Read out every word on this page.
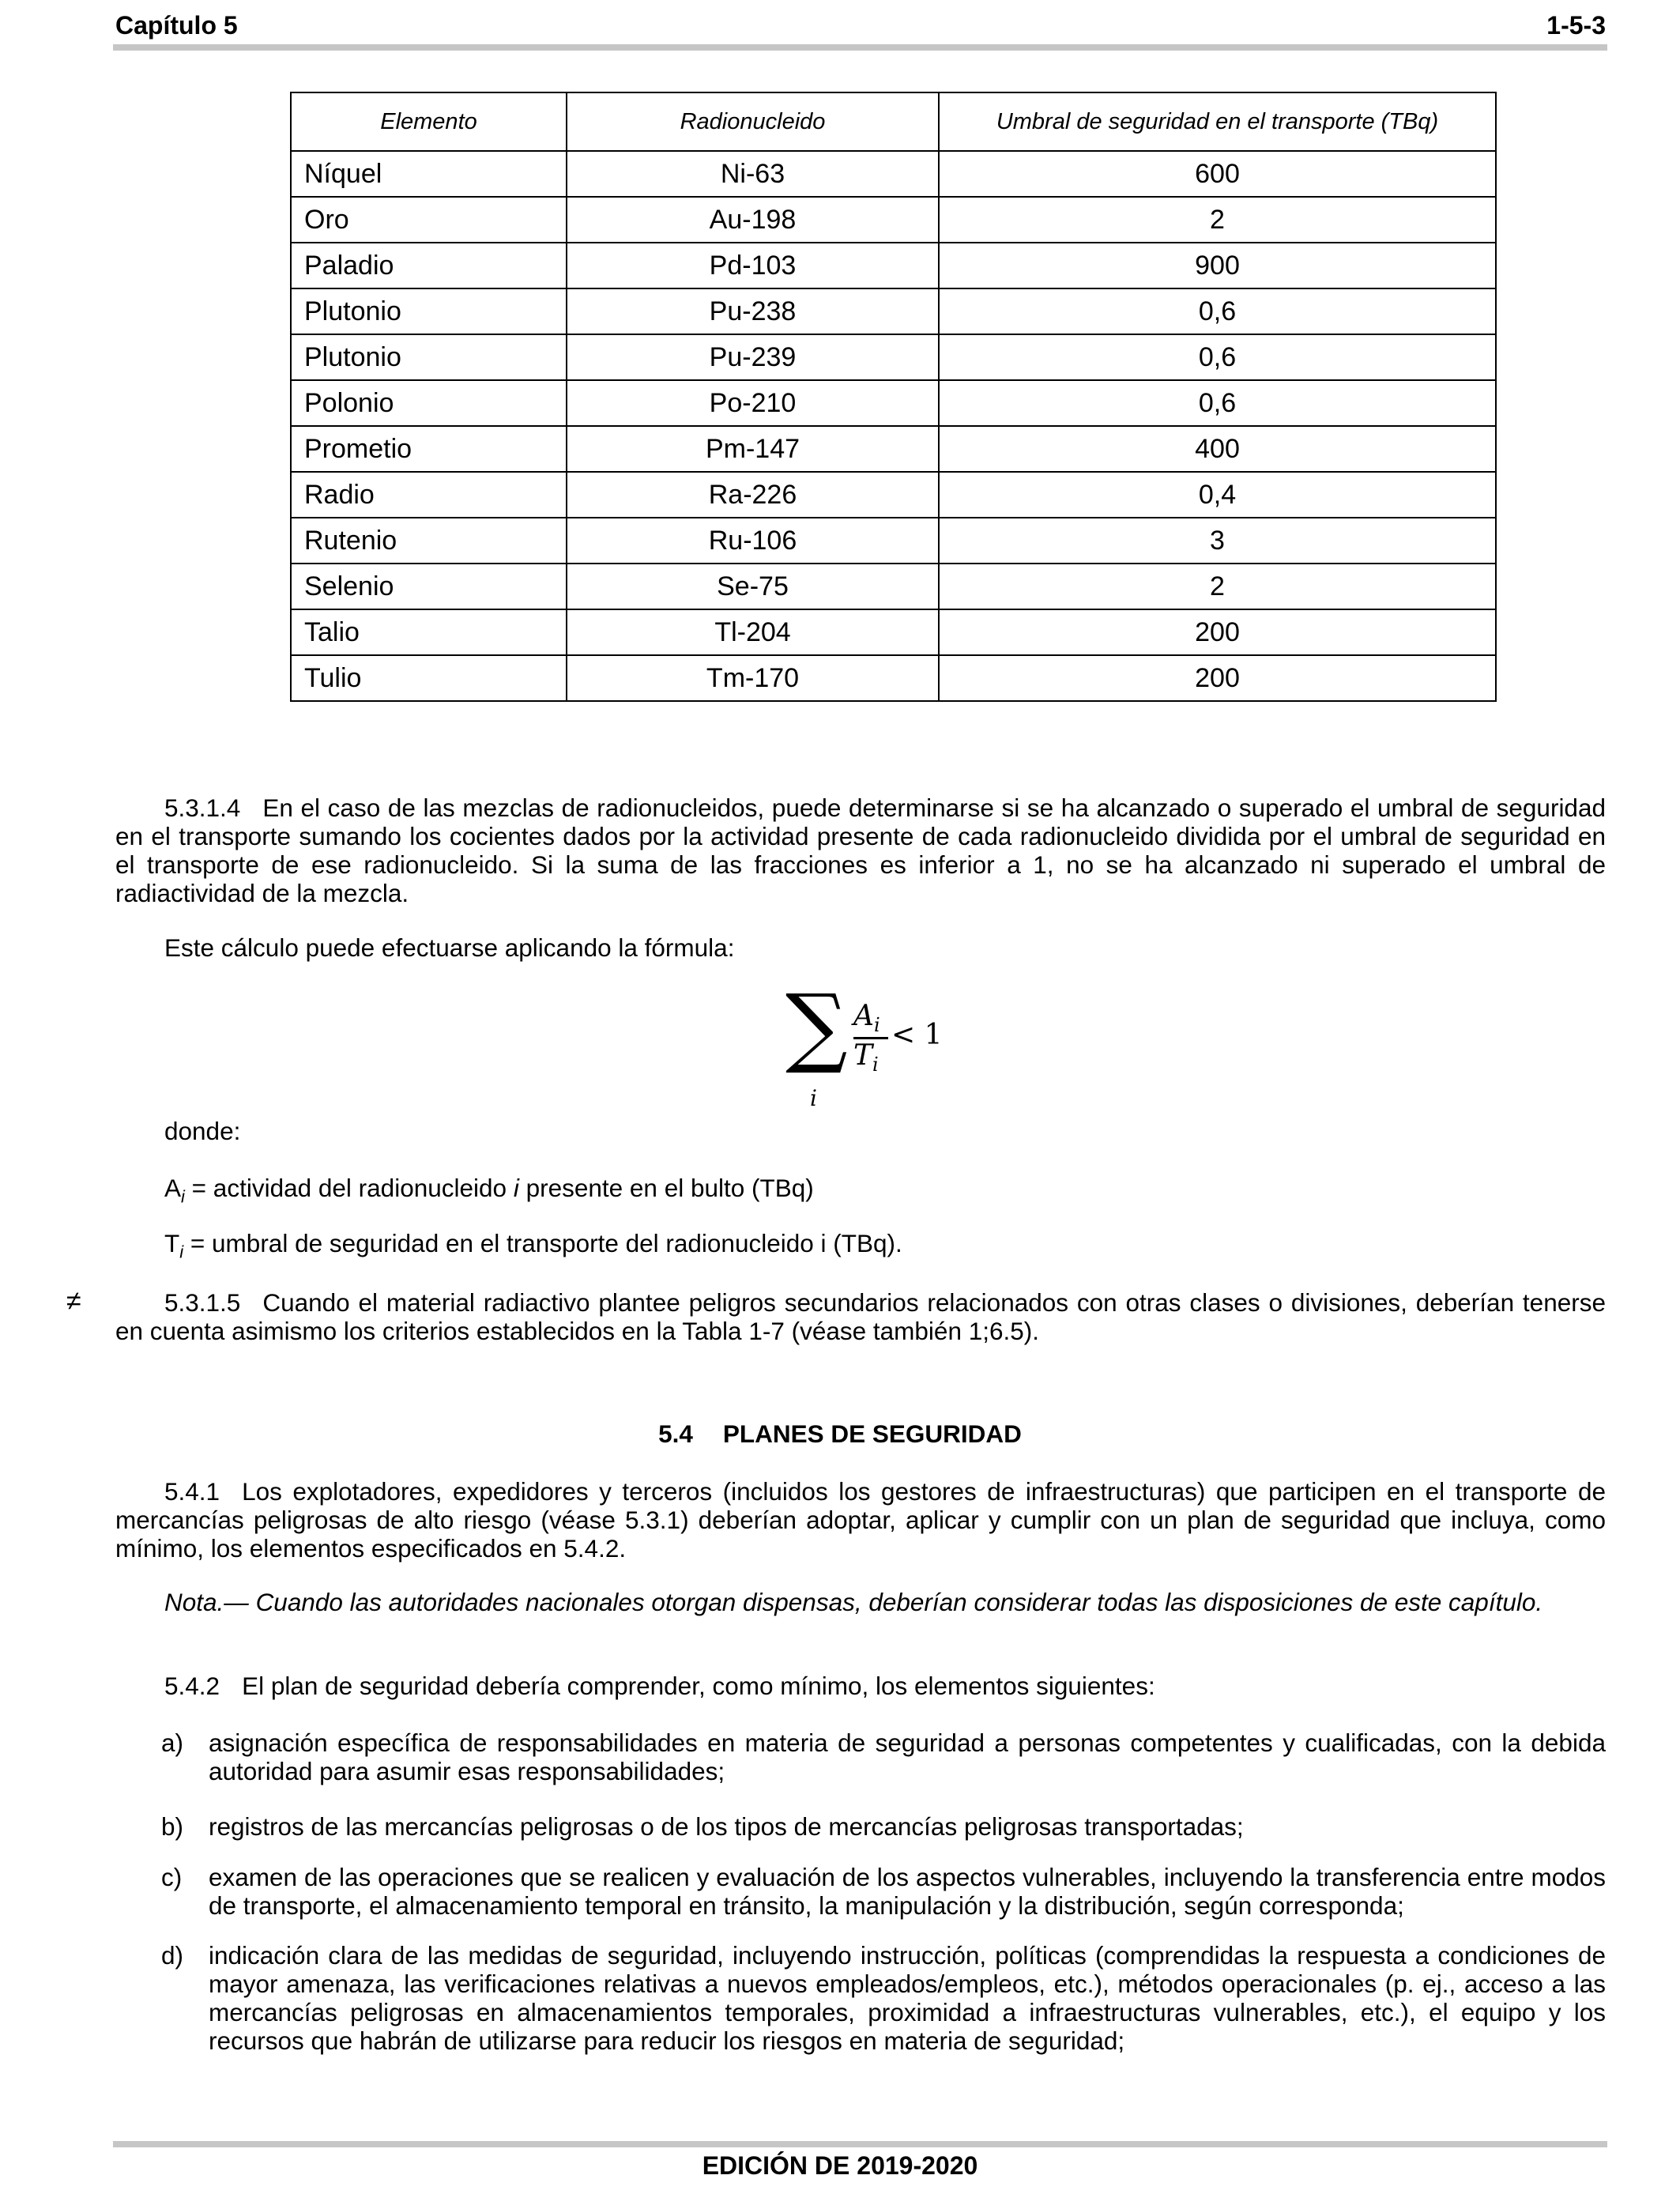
Capítulo 5	1-5-3
Elemento	Radionucleido	Umbral de seguridad en el transporte (TBq)
Níquel	Ni-63	600
Oro	Au-198	2
Paladio	Pd-103	900
Plutonio	Pu-238	0,6
Plutonio	Pu-239	0,6
Polonio	Po-210	0,6
Prometio	Pm-147	400
Radio	Ra-226	0,4
Rutenio	Ru-106	3
Selenio	Se-75	2
Talio	Tl-204	200
Tulio	Tm-170	200
5.3.1.4 En el caso de las mezclas de radionucleidos, puede determinarse si se ha alcanzado o superado el umbral de seguridad en el transporte sumando los cocientes dados por la actividad presente de cada radionucleido dividida por el umbral de seguridad en el transporte de ese radionucleido. Si la suma de las fracciones es inferior a 1, no se ha alcanzado ni superado el umbral de radiactividad de la mezcla.
Este cálculo puede efectuarse aplicando la fórmula:
∑
i
$A_i$
$T_i$
< 1
donde:
$A_i$ = actividad del radionucleido i presente en el bulto (TBq)
$T_i$ = umbral de seguridad en el transporte del radionucleido i (TBq).
≠	5.3.1.5 Cuando el material radiactivo plantee peligros secundarios relacionados con otras clases o divisiones, deberían tenerse en cuenta asimismo los criterios establecidos en la Tabla 1-7 (véase también 1;6.5).
5.4 PLANES DE SEGURIDAD
5.4.1 Los explotadores, expedidores y terceros (incluidos los gestores de infraestructuras) que participen en el transporte de mercancías peligrosas de alto riesgo (véase 5.3.1) deberían adoptar, aplicar y cumplir con un plan de seguridad que incluya, como mínimo, los elementos especificados en 5.4.2.
Nota.— Cuando las autoridades nacionales otorgan dispensas, deberían considerar todas las disposiciones de este capítulo.
5.4.2 El plan de seguridad debería comprender, como mínimo, los elementos siguientes:
a) asignación específica de responsabilidades en materia de seguridad a personas competentes y cualificadas, con la debida autoridad para asumir esas responsabilidades;
b) registros de las mercancías peligrosas o de los tipos de mercancías peligrosas transportadas;
c) examen de las operaciones que se realicen y evaluación de los aspectos vulnerables, incluyendo la transferencia entre modos de transporte, el almacenamiento temporal en tránsito, la manipulación y la distribución, según corresponda;
d) indicación clara de las medidas de seguridad, incluyendo instrucción, políticas (comprendidas la respuesta a condiciones de mayor amenaza, las verificaciones relativas a nuevos empleados/empleos, etc.), métodos operacionales (p. ej., acceso a las mercancías peligrosas en almacenamientos temporales, proximidad a infraestructuras vulnerables, etc.), el equipo y los recursos que habrán de utilizarse para reducir los riesgos en materia de seguridad;
EDICIÓN DE 2019-2020
